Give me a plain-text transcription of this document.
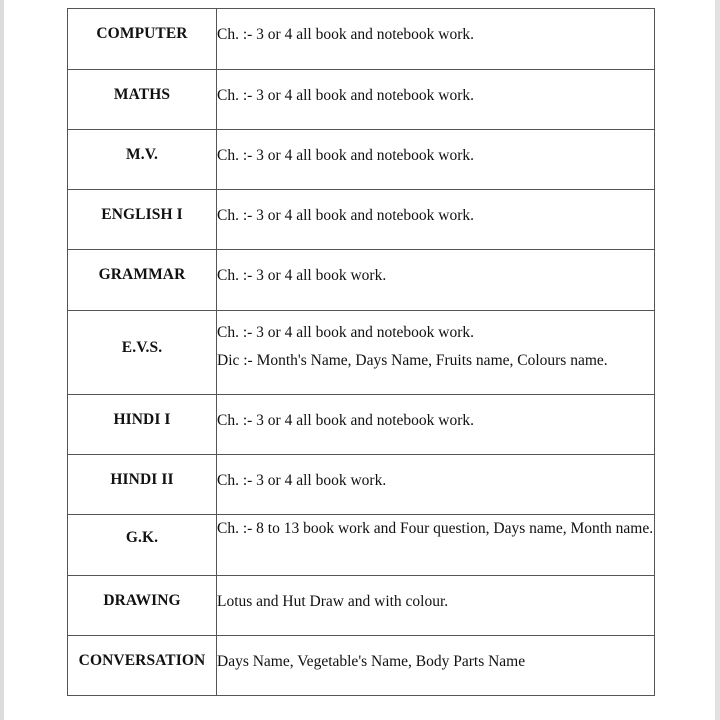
COMPUTER	Ch. :- 3 or 4 all book and notebook work.

MATHS	Ch. :- 3 or 4 all book and notebook work.

M.V.	Ch. :- 3 or 4 all book and notebook work.

ENGLISH I	Ch. :- 3 or 4 all book and notebook work.

GRAMMAR	Ch. :- 3 or 4 all book work.

E.V.S.	Ch. :- 3 or 4 all book and notebook work.
Dic :- Month's Name, Days Name, Fruits name, Colours name.

HINDI I	Ch. :- 3 or 4 all book and notebook work.

HINDI II	Ch. :- 3 or 4 all book work.

G.K.	Ch. :- 8 to 13 book work and Four question, Days name, Month name.

DRAWING	Lotus and Hut Draw and with colour.

CONVERSATION	Days Name, Vegetable's Name, Body Parts Name
